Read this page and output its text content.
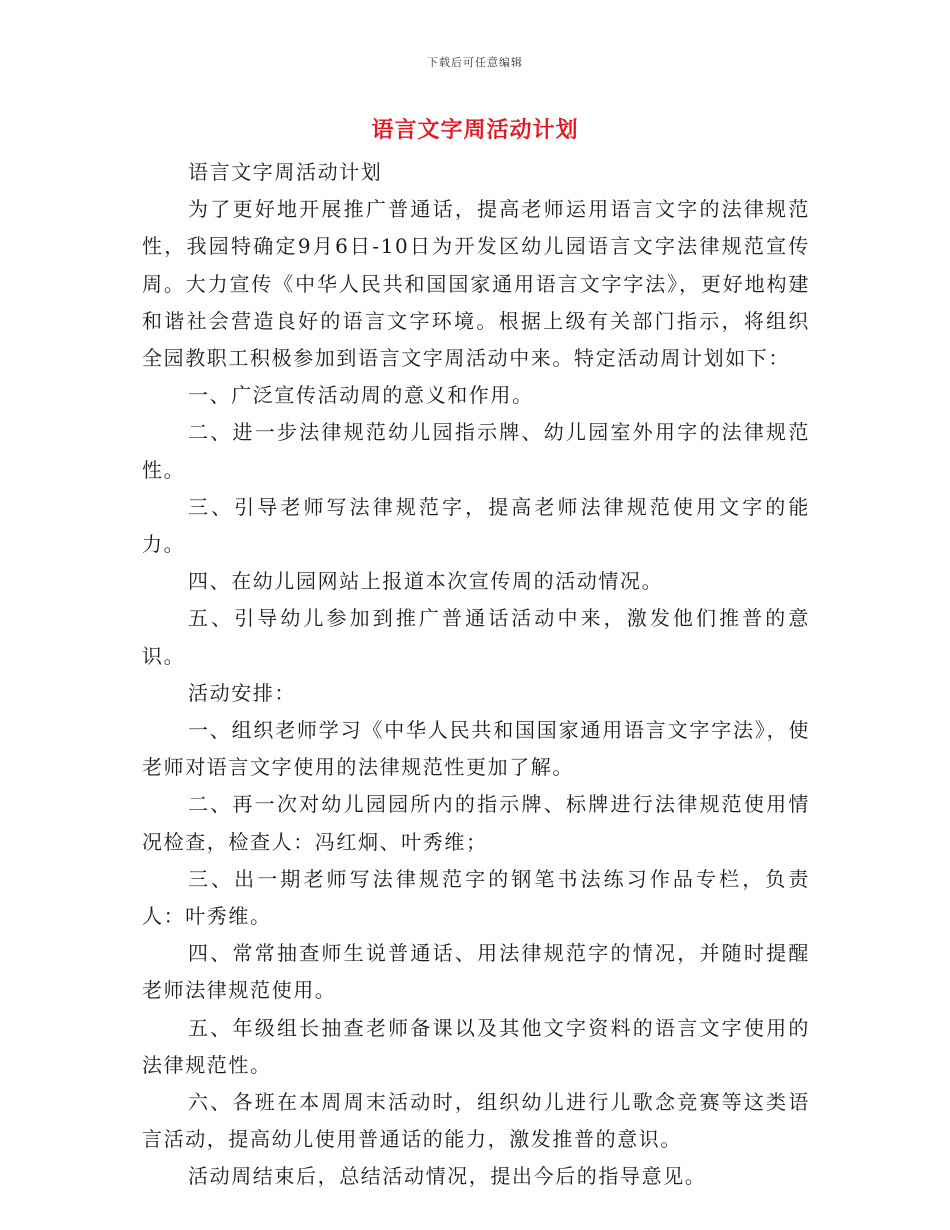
下载后可任意编辑
语言文字周活动计划

语言文字周活动计划

为了更好地开展推广普通话，提高老师运用语言文字的法律规范性，我园特确定9月6日-10日为开发区幼儿园语言文字法律规范宣传周。大力宣传《中华人民共和国国家通用语言文字字法》，更好地构建和谐社会营造良好的语言文字环境。根据上级有关部门指示，将组织全园教职工积极参加到语言文字周活动中来。特定活动周计划如下：

一、广泛宣传活动周的意义和作用。

二、进一步法律规范幼儿园指示牌、幼儿园室外用字的法律规范性。

三、引导老师写法律规范字，提高老师法律规范使用文字的能力。

四、在幼儿园网站上报道本次宣传周的活动情况。

五、引导幼儿参加到推广普通话活动中来，激发他们推普的意识。

活动安排：

一、组织老师学习《中华人民共和国国家通用语言文字字法》，使老师对语言文字使用的法律规范性更加了解。

二、再一次对幼儿园园所内的指示牌、标牌进行法律规范使用情况检查，检查人：冯红炯、叶秀维；

三、出一期老师写法律规范字的钢笔书法练习作品专栏，负责人：叶秀维。

四、常常抽查师生说普通话、用法律规范字的情况，并随时提醒老师法律规范使用。

五、年级组长抽查老师备课以及其他文字资料的语言文字使用的法律规范性。

六、各班在本周周末活动时，组织幼儿进行儿歌念竞赛等这类语言活动，提高幼儿使用普通话的能力，激发推普的意识。

活动周结束后，总结活动情况，提出今后的指导意见。
